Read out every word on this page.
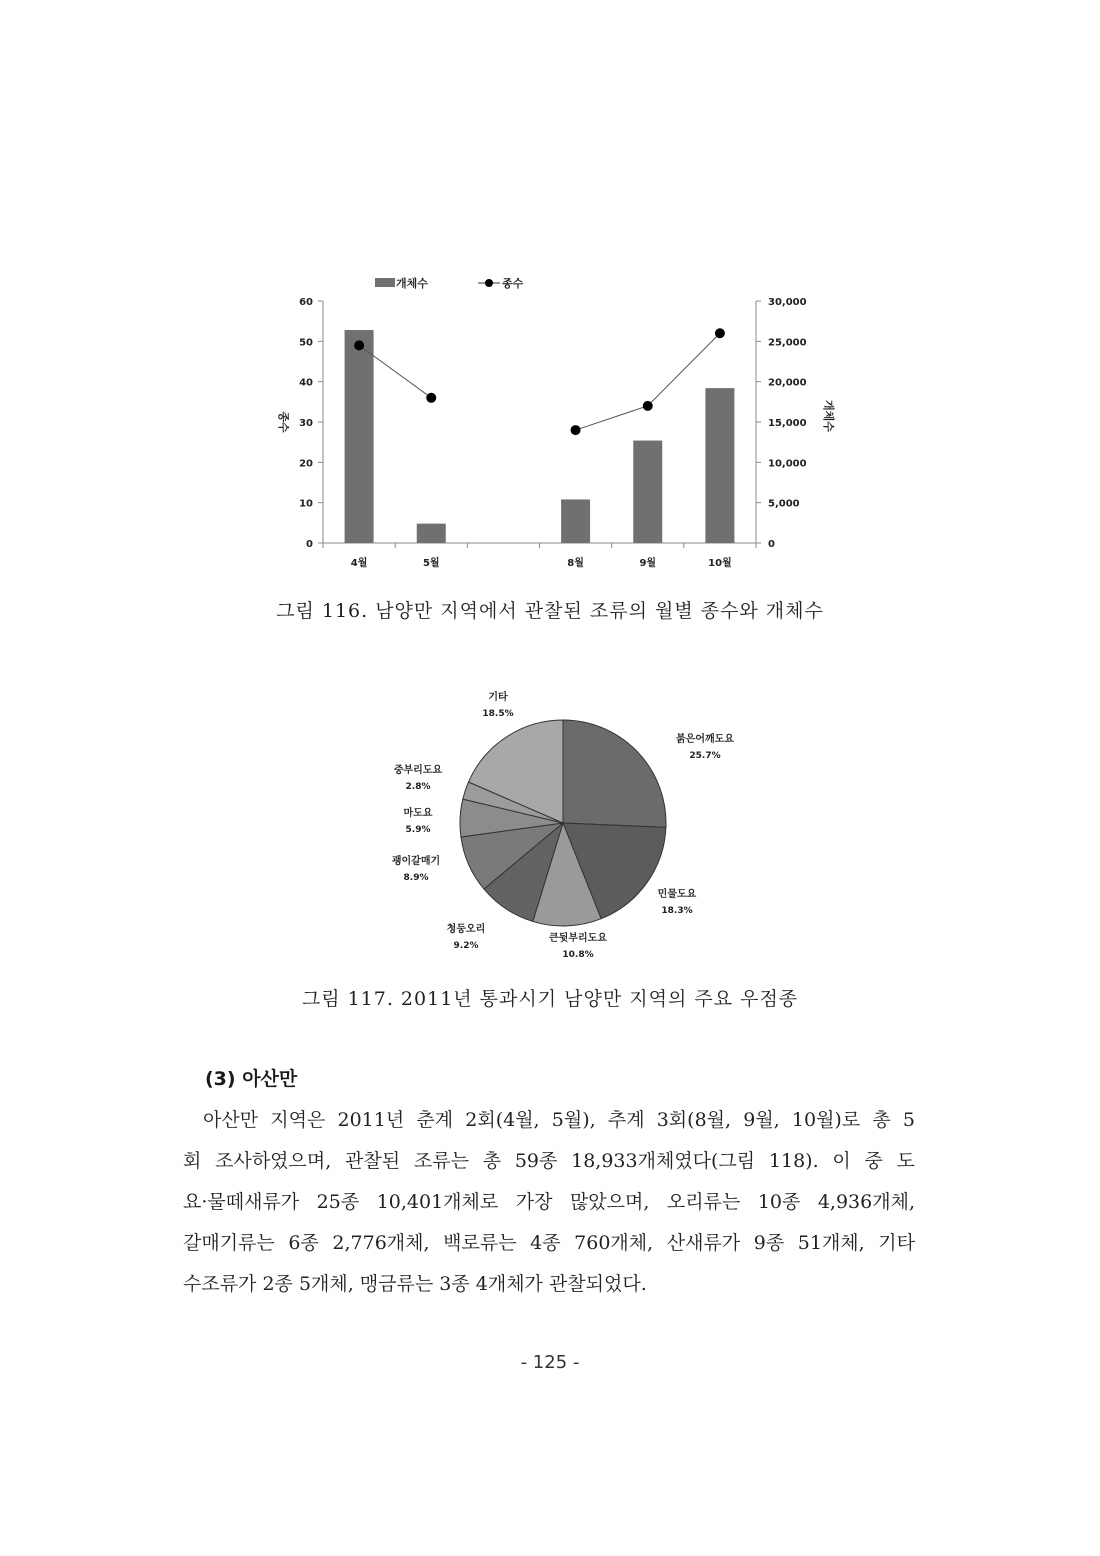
0
10
20
30
40
50
60
0
5,000
10,000
15,000
20,000
25,000
30,000
4월	5월	8월	9월	10월
종수	개체수
개체수	종수
그림 116. 남양만 지역에서 관찰된 조류의 월별 종수와 개체수
붉은어깨도요
25.7%
민물도요
18.3%
큰뒷부리도요
10.8%
청둥오리
9.2%
괭이갈매기
8.9%
마도요
5.9%
중부리도요
2.8%
기타
18.5%
그림 117. 2011년 통과시기 남양만 지역의 주요 우점종
(3) 아산만
아산만 지역은 2011년 춘계 2회(4월, 5월), 추계 3회(8월, 9월, 10월)로 총 5
회 조사하였으며, 관찰된 조류는 총 59종 18,933개체였다(그림 118). 이 중 도
요·물떼새류가 25종 10,401개체로 가장 많았으며, 오리류는 10종 4,936개체,
갈매기류는 6종 2,776개체, 백로류는 4종 760개체, 산새류가 9종 51개체, 기타
수조류가 2종 5개체, 맹금류는 3종 4개체가 관찰되었다.
- 125 -
